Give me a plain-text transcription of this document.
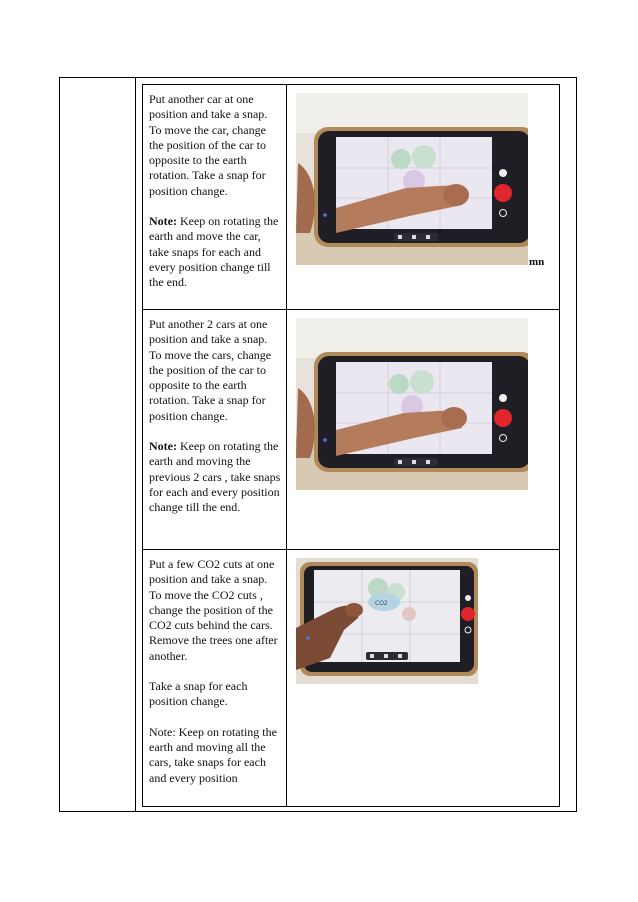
Put another car at one position and take a snap. To move the car, change the position of the car to opposite to the earth rotation. Take a snap for position change.

Note: Keep on rotating the earth and move the car, take snaps for each and every position change till the end.

mn

Put another 2 cars at one position and take a snap. To move the cars, change the position of the car to opposite to the earth rotation. Take a snap for position change.

Note: Keep on rotating the earth and moving the previous 2 cars , take snaps for each and every position change till the end.

Put a few CO2 cuts at one position and take a snap. To move the CO2 cuts , change the position of the CO2 cuts behind the cars.
Remove the trees one after another.

Take a snap for each position change.

Note: Keep on rotating the earth and moving all the cars, take snaps for each and every position

CO2
